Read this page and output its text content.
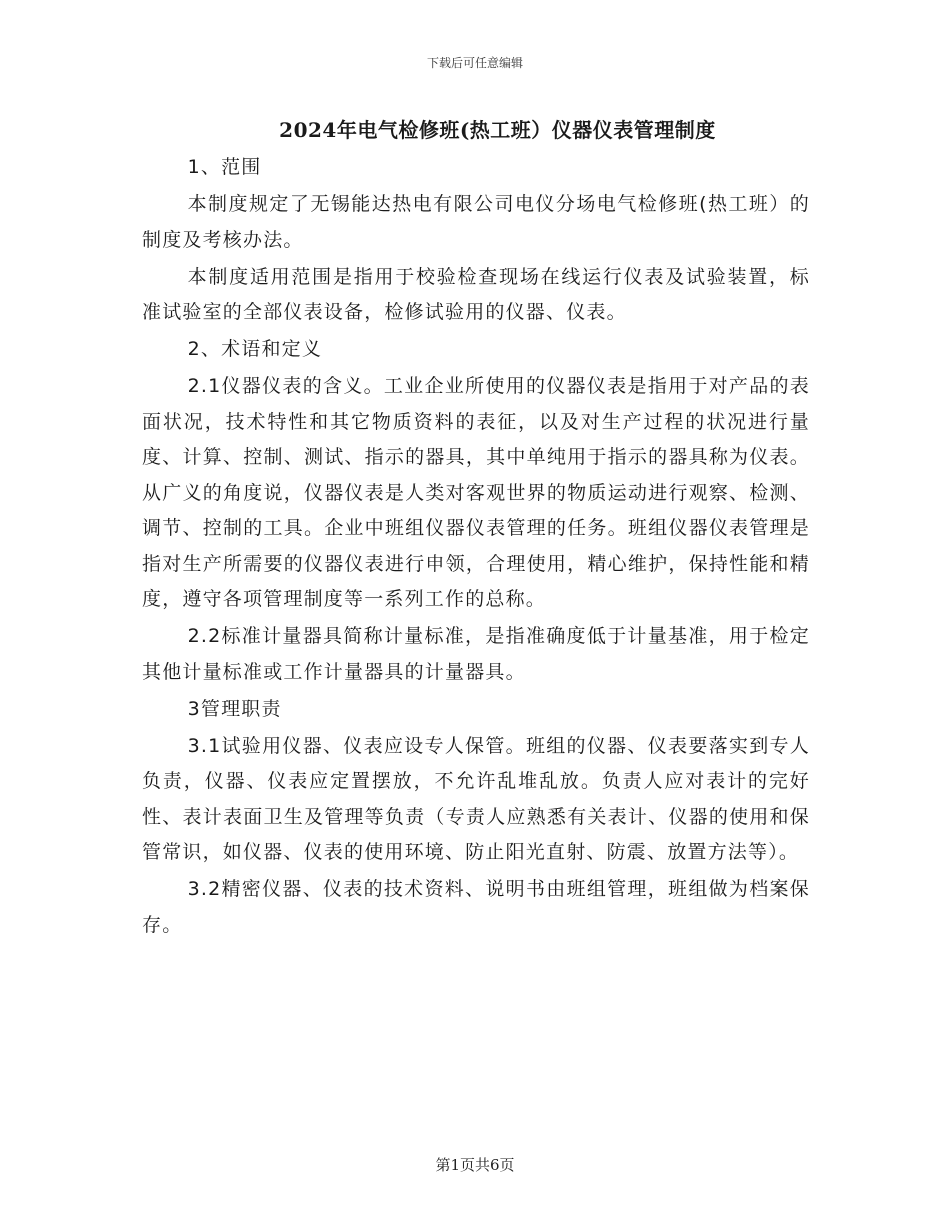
下载后可任意编辑
2024年电气检修班(热工班）仪器仪表管理制度

1、范围

本制度规定了无锡能达热电有限公司电仪分场电气检修班(热工班）的制度及考核办法。

本制度适用范围是指用于校验检查现场在线运行仪表及试验装置，标准试验室的全部仪表设备，检修试验用的仪器、仪表。

2、术语和定义

2.1仪器仪表的含义。工业企业所使用的仪器仪表是指用于对产品的表面状况，技术特性和其它物质资料的表征，以及对生产过程的状况进行量度、计算、控制、测试、指示的器具，其中单纯用于指示的器具称为仪表。从广义的角度说，仪器仪表是人类对客观世界的物质运动进行观察、检测、调节、控制的工具。企业中班组仪器仪表管理的任务。班组仪器仪表管理是指对生产所需要的仪器仪表进行申领，合理使用，精心维护，保持性能和精度，遵守各项管理制度等一系列工作的总称。

2.2标准计量器具简称计量标准，是指准确度低于计量基准，用于检定其他计量标准或工作计量器具的计量器具。

3管理职责

3.1试验用仪器、仪表应设专人保管。班组的仪器、仪表要落实到专人负责，仪器、仪表应定置摆放，不允许乱堆乱放。负责人应对表计的完好性、表计表面卫生及管理等负责（专责人应熟悉有关表计、仪器的使用和保管常识，如仪器、仪表的使用环境、防止阳光直射、防震、放置方法等）。

3.2精密仪器、仪表的技术资料、说明书由班组管理，班组做为档案保存。

第1页共6页
